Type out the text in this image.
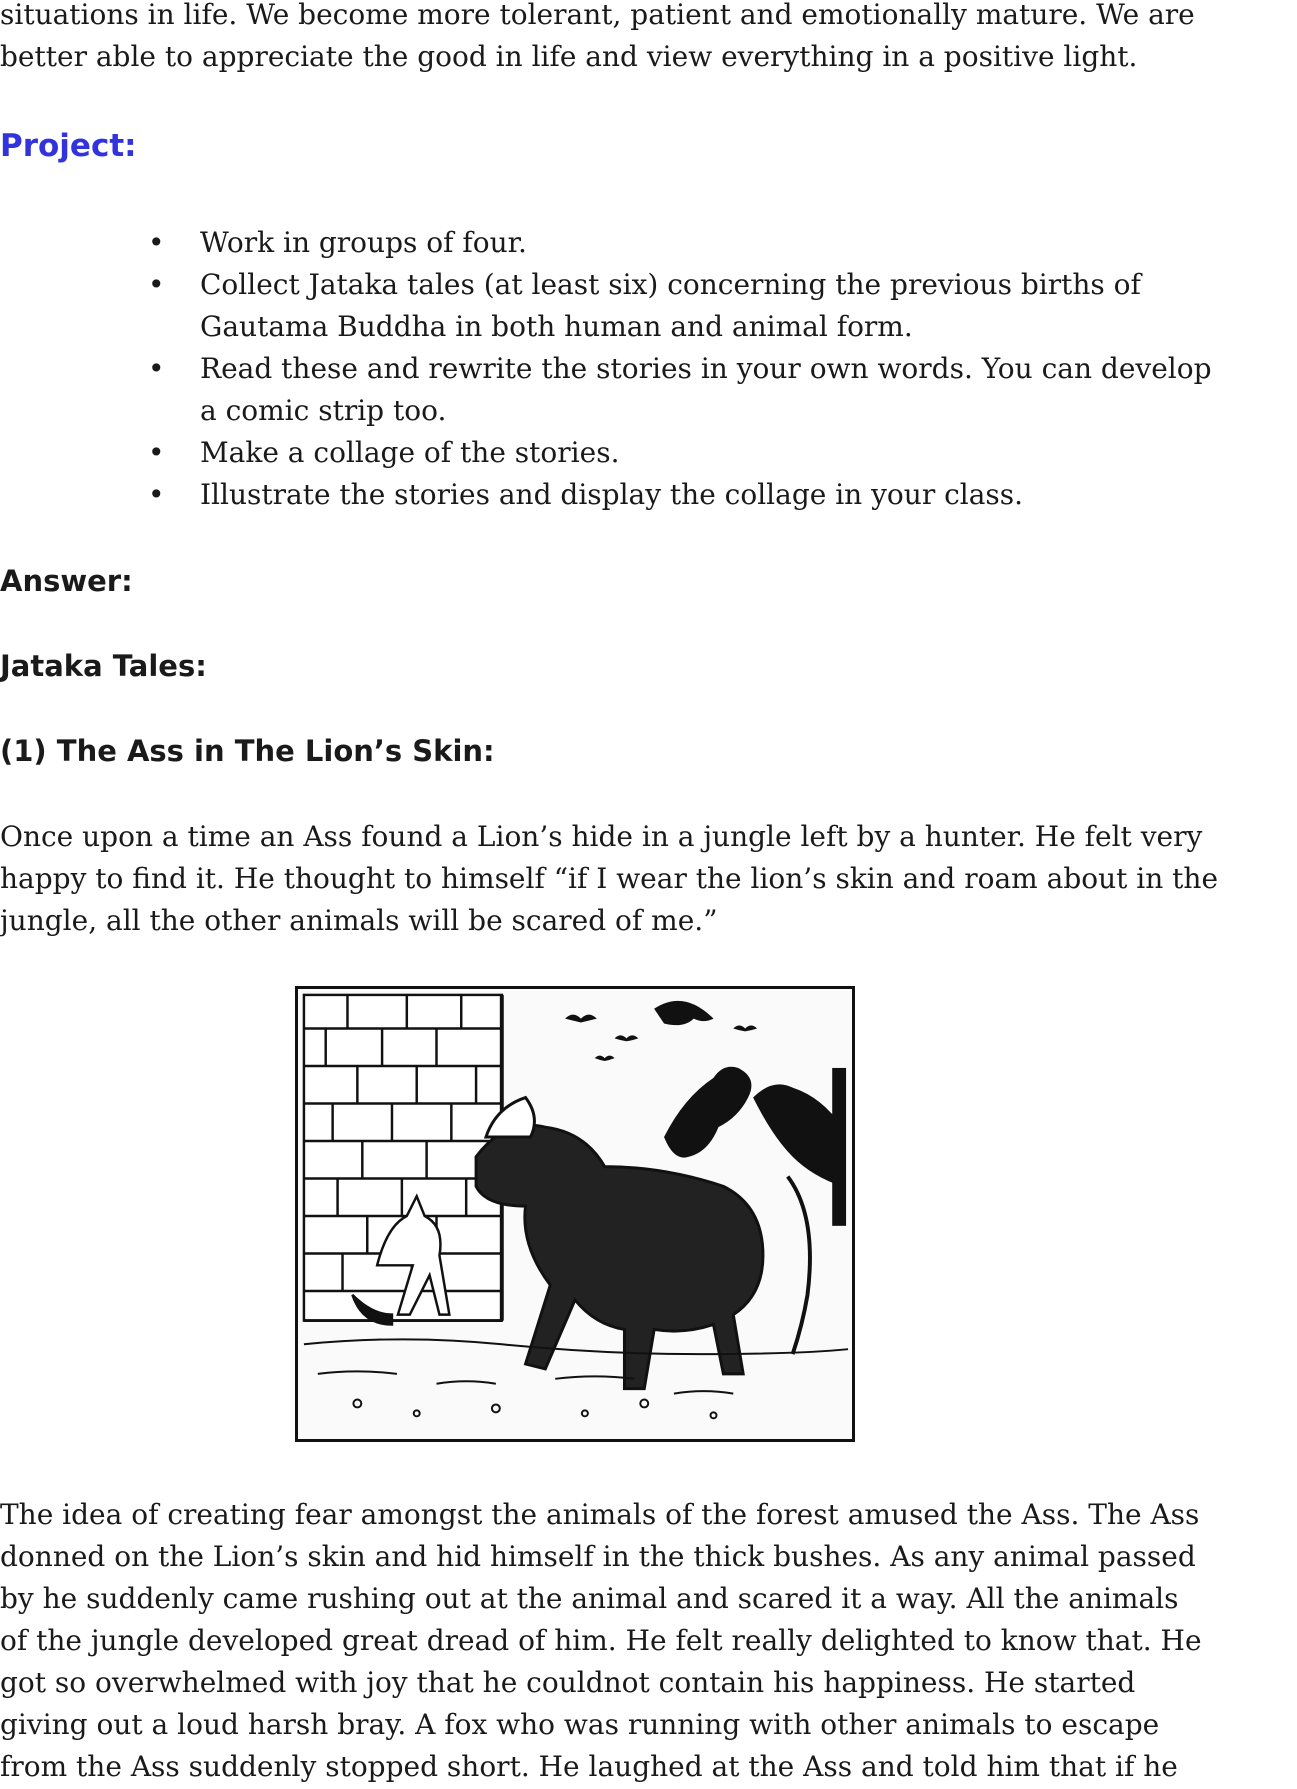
situations in life. We become more tolerant, patient and emotionally mature. We are
better able to appreciate the good in life and view everything in a positive light.

Project:
• Work in groups of four.
• Collect Jataka tales (at least six) concerning the previous births of
Gautama Buddha in both human and animal form.
• Read these and rewrite the stories in your own words. You can develop
a comic strip too.
• Make a collage of the stories.
• Illustrate the stories and display the collage in your class.
Answer:
Jataka Tales:
(1) The Ass in The Lion’s Skin:

Once upon a time an Ass found a Lion’s hide in a jungle left by a hunter. He felt very
happy to find it. He thought to himself “if I wear the lion’s skin and roam about in the
jungle, all the other animals will be scared of me.”

The idea of creating fear amongst the animals of the forest amused the Ass. The Ass
donned on the Lion’s skin and hid himself in the thick bushes. As any animal passed
by he suddenly came rushing out at the animal and scared it a way. All the animals
of the jungle developed great dread of him. He felt really delighted to know that. He
got so overwhelmed with joy that he couldnot contain his happiness. He started
giving out a loud harsh bray. A fox who was running with other animals to escape
from the Ass suddenly stopped short. He laughed at the Ass and told him that if he
